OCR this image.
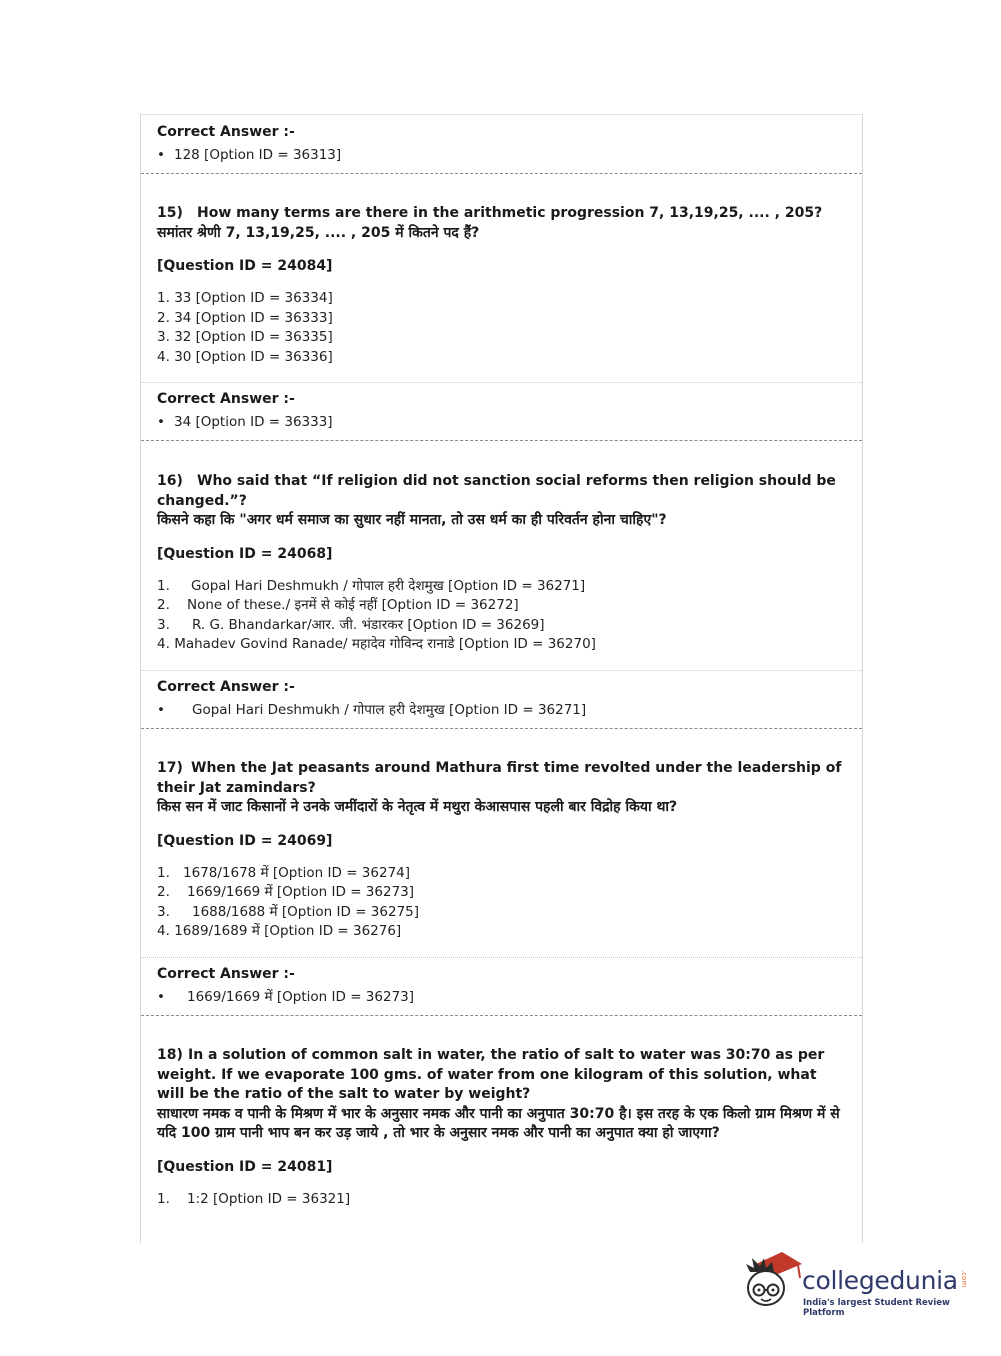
Correct Answer :-
• 128 [Option ID = 36313]

15) How many terms are there in the arithmetic progression 7, 13,19,25, .... , 205?

समांतर श्रेणी 7, 13,19,25, .... , 205 में कितने पद हैं?
[Question ID = 24084]
1. 33 [Option ID = 36334]
2. 34 [Option ID = 36333]
3. 32 [Option ID = 36335]
4. 30 [Option ID = 36336]
Correct Answer :-
• 34 [Option ID = 36333]

16) Who said that “If religion did not sanction social reforms then religion should be changed.”?

किसने कहा कि "अगर धर्म समाज का सुधार नहीं मानता, तो उस धर्म का ही परिवर्तन होना चाहिए"?
[Question ID = 24068]
1. Gopal Hari Deshmukh / गोपाल हरी देशमुख [Option ID = 36271]
2. None of these./ इनमें से कोई नहीं [Option ID = 36272]
3. R. G. Bhandarkar/आर. जी. भंडारकर [Option ID = 36269]
4. Mahadev Govind Ranade/ महादेव गोविन्द रानाडे [Option ID = 36270]
Correct Answer :-
• Gopal Hari Deshmukh / गोपाल हरी देशमुख [Option ID = 36271]

17) When the Jat peasants around Mathura first time revolted under the leadership of their Jat zamindars?

किस सन में जाट किसानों ने उनके जमींदारों के नेतृत्व में मथुरा केआसपास पहली बार विद्रोह किया था?
[Question ID = 24069]
1. 1678/1678 में [Option ID = 36274]
2. 1669/1669 में [Option ID = 36273]
3. 1688/1688 में [Option ID = 36275]
4. 1689/1689 में [Option ID = 36276]
Correct Answer :-
• 1669/1669 में [Option ID = 36273]

18) In a solution of common salt in water, the ratio of salt to water was 30:70 as per weight. If we evaporate 100 gms. of water from one kilogram of this solution, what will be the ratio of the salt to water by weight?

साधारण नमक व पानी के मिश्रण में भार के अनुसार नमक और पानी का अनुपात 30:70 है। इस तरह के एक किलो ग्राम मिश्रण में से यदि 100 ग्राम पानी भाप बन कर उड़ जाये , तो भार के अनुसार नमक और पानी का अनुपात क्या हो जाएगा?
[Question ID = 24081]
1. 1:2 [Option ID = 36321]
collegedunia .com
India's largest Student Review Platform
